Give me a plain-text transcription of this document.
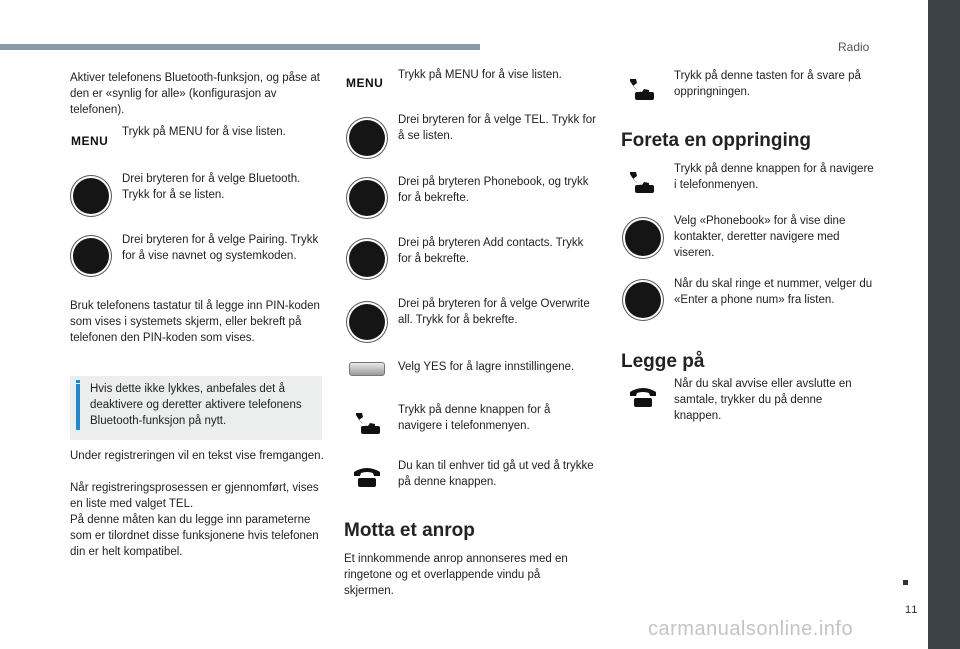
Radio
Aktiver telefonens Bluetooth-funksjon, og påse at den er «synlig for alle» (konfigurasjon av telefonen).
MENU
Trykk på MENU for å vise listen.
Drei bryteren for å velge Bluetooth. Trykk for å se listen.
Drei bryteren for å velge Pairing. Trykk for å vise navnet og systemkoden.
Bruk telefonens tastatur til å legge inn PIN-koden som vises i systemets skjerm, eller bekreft på telefonen den PIN-koden som vises.
Hvis dette ikke lykkes, anbefales det å deaktivere og deretter aktivere telefonens Bluetooth-funksjon på nytt.
Under registreringen vil en tekst vise fremgangen.
Når registreringsprosessen er gjennomført, vises en liste med valget TEL.
På denne måten kan du legge inn parameterne som er tilordnet disse funksjonene hvis telefonen din er helt kompatibel.
MENU
Trykk på MENU for å vise listen.
Drei bryteren for å velge TEL. Trykk for å se listen.
Drei på bryteren Phonebook, og trykk for å bekrefte.
Drei på bryteren Add contacts. Trykk for å bekrefte.
Drei på bryteren for å velge Overwrite all. Trykk for å bekrefte.
Velg YES for å lagre innstillingene.
Trykk på denne knappen for å navigere i telefonmenyen.
Du kan til enhver tid gå ut ved å trykke på denne knappen.
Motta et anrop
Et innkommende anrop annonseres med en ringetone og et overlappende vindu på skjermen.
Trykk på denne tasten for å svare på oppringningen.
Foreta en oppringing
Trykk på denne knappen for å navigere i telefonmenyen.
Velg «Phonebook» for å vise dine kontakter, deretter navigere med viseren.
Når du skal ringe et nummer, velger du «Enter a phone num» fra listen.
Legge på
Når du skal avvise eller avslutte en samtale, trykker du på denne knappen.
11
carmanualsonline.info
